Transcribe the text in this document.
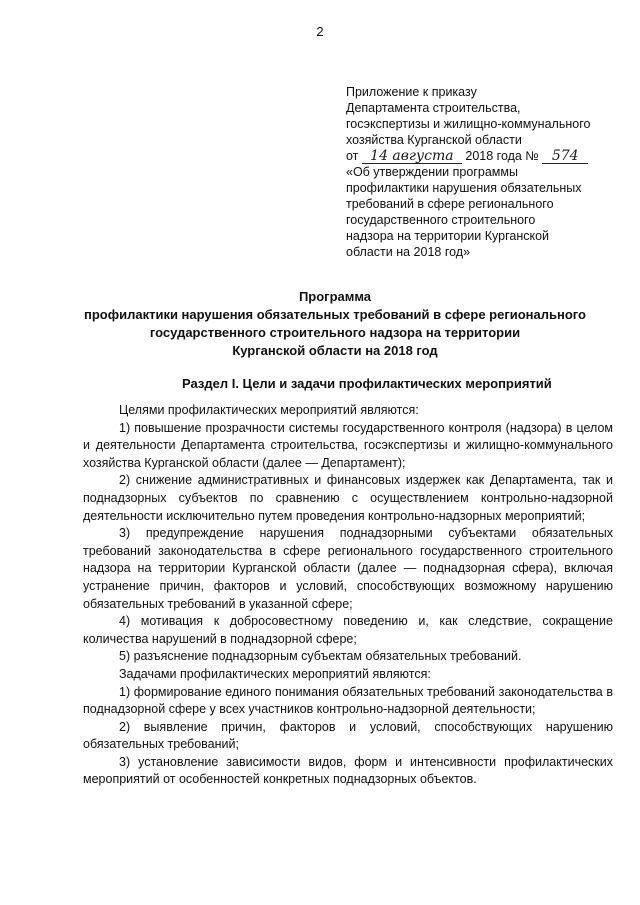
2
Приложение к приказу
Департамента строительства,
госэкспертизы и жилищно-коммунального
хозяйства Курганской области
от 14 августа 2018 года № 574
«Об утверждении программы
профилактики нарушения обязательных
требований в сфере регионального
государственного строительного
надзора на территории Курганской
области на 2018 год»
Программа
профилактики нарушения обязательных требований в сфере регионального
государственного строительного надзора на территории
Курганской области на 2018 год
Раздел I. Цели и задачи профилактических мероприятий

Целями профилактических мероприятий являются:

1) повышение прозрачности системы государственного контроля (надзора) в целом и деятельности Департамента строительства, госэкспертизы и жилищно-коммунального хозяйства Курганской области (далее — Департамент);

2) снижение административных и финансовых издержек как Департамента, так и поднадзорных субъектов по сравнению с осуществлением контрольно-надзорной деятельности исключительно путем проведения контрольно-надзорных мероприятий;

3) предупреждение нарушения поднадзорными субъектами обязательных требований законодательства в сфере регионального государственного строительного надзора на территории Курганской области (далее — поднадзорная сфера), включая устранение причин, факторов и условий, способствующих возможному нарушению обязательных требований в указанной сфере;

4) мотивация к добросовестному поведению и, как следствие, сокращение количества нарушений в поднадзорной сфере;

5) разъяснение поднадзорным субъектам обязательных требований.

Задачами профилактических мероприятий являются:

1) формирование единого понимания обязательных требований законодательства в поднадзорной сфере у всех участников контрольно-надзорной деятельности;

2) выявление причин, факторов и условий, способствующих нарушению обязательных требований;

3) установление зависимости видов, форм и интенсивности профилактических мероприятий от особенностей конкретных поднадзорных объектов.
